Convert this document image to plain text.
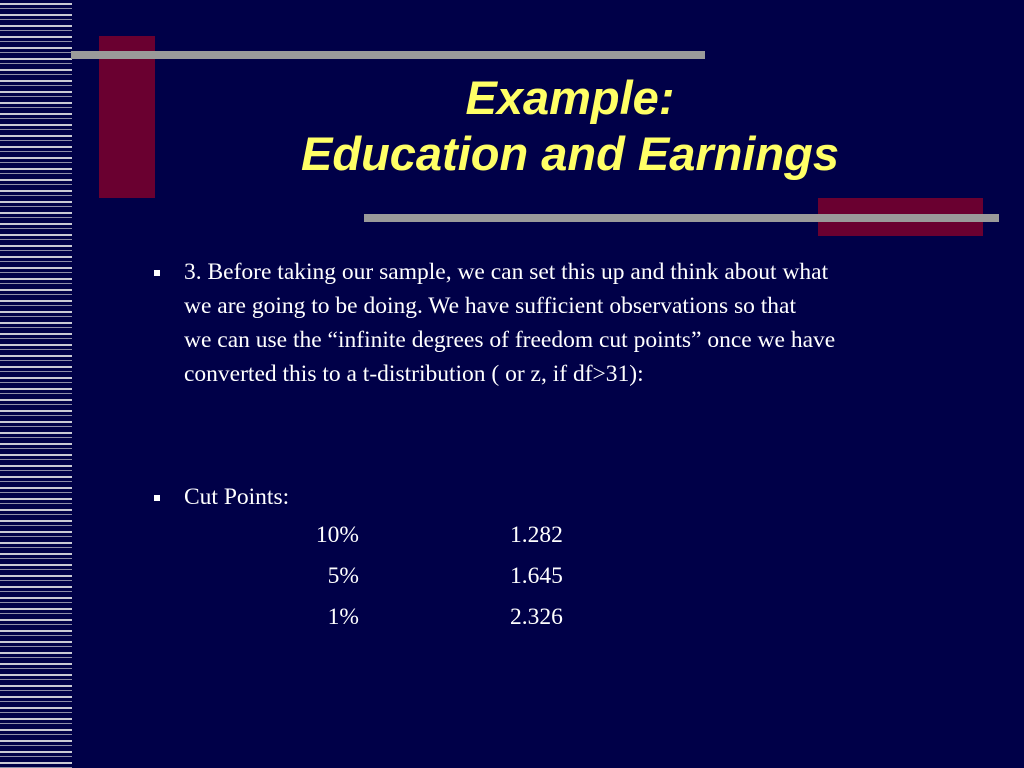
Example:
Education and Earnings
3. Before taking our sample, we can set this up and think about what
we are going to be doing. We have sufficient observations so that
we can use the “infinite degrees of freedom cut points” once we have
converted this to a t-distribution ( or z, if df>31):
Cut Points:
10%	1.282
5%	1.645
1%	2.326
